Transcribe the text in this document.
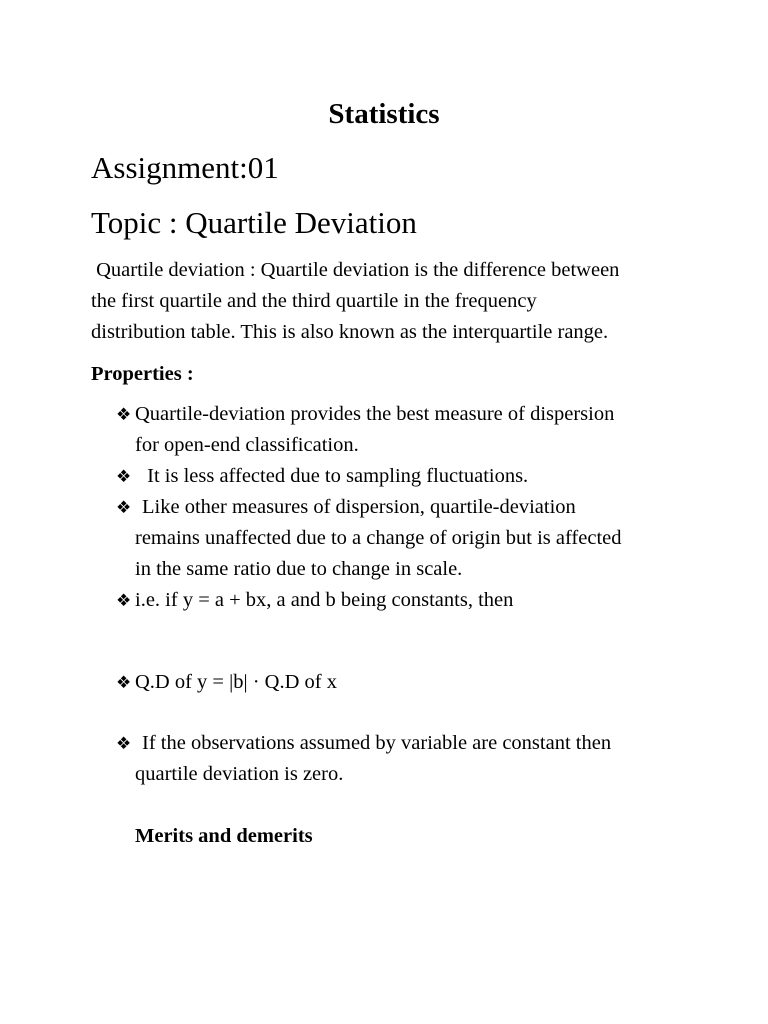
Statistics
Assignment:01
Topic : Quartile Deviation
Quartile deviation : Quartile deviation is the difference between
the first quartile and the third quartile in the frequency
distribution table. This is also known as the interquartile range.
Properties :
❖ Quartile-deviation provides the best measure of dispersion
for open-end classification.
❖ It is less affected due to sampling fluctuations.
❖ Like other measures of dispersion, quartile-deviation
remains unaffected due to a change of origin but is affected
in the same ratio due to change in scale.
❖ i.e. if y = a + bx, a and b being constants, then
❖ Q.D of y = |b| · Q.D of x
❖ If the observations assumed by variable are constant then
quartile deviation is zero.
Merits and demerits
